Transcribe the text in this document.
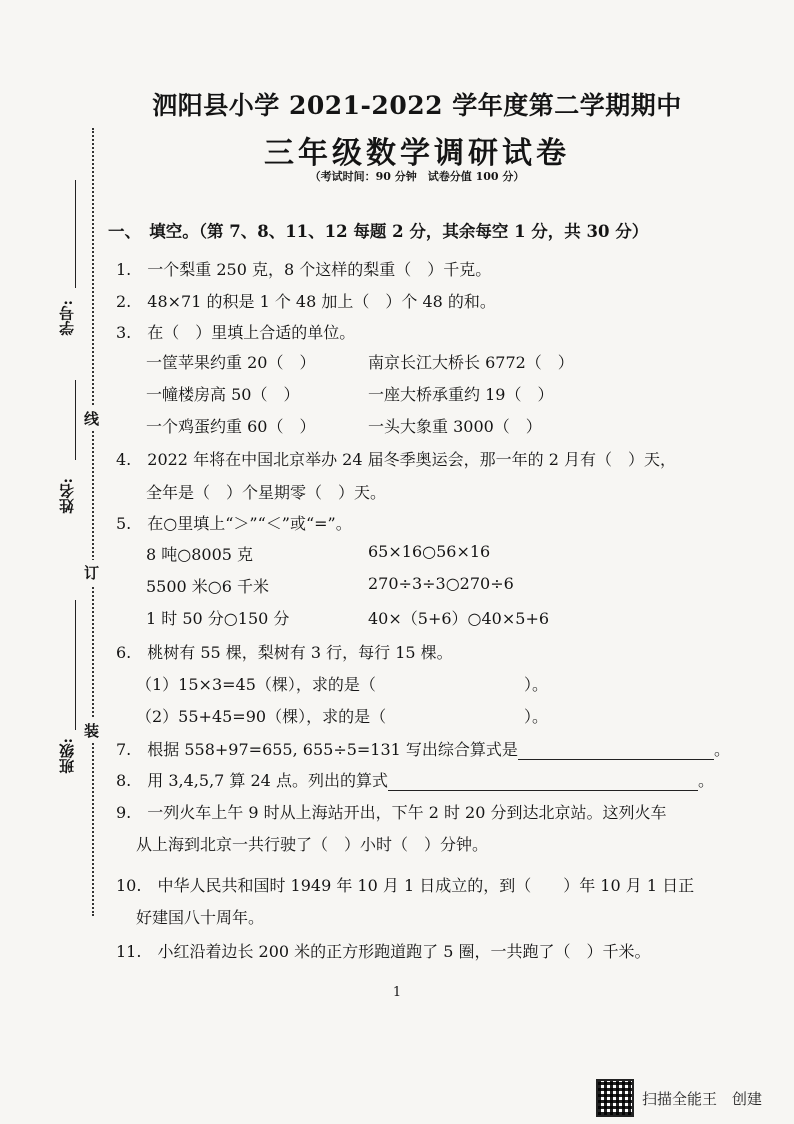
泗阳县小学 2021-2022 学年度第二学期期中
三年级数学调研试卷
（考试时间：90 分钟　试卷分值 100 分）
学号:
姓名:
班级:
线
订
装
一、　填空。（第 7、8、11、12 每题 2 分，其余每空 1 分，共 30 分）
1.　一个梨重 250 克，8 个这样的梨重（　）千克。
2.　48×71 的积是 1 个 48 加上（　）个 48 的和。
3.　在（　）里填上合适的单位。
一筐苹果约重 20（　）	南京长江大桥长 6772（　）
一幢楼房高 50（　）	一座大桥承重约 19（　）
一个鸡蛋约重 60（　）	一头大象重 3000（　）
4.　2022 年将在中国北京举办 24 届冬季奥运会，那一年的 2 月有（　）天，
全年是（　）个星期零（　）天。
5.　在○里填上“＞”“＜”或“=”。
8 吨○8005 克	65×16○56×16
5500 米○6 千米	270÷3÷3○270÷6
1 时 50 分○150 分	40×（5+6）○40×5+6
6.　桃树有 55 棵，梨树有 3 行，每行 15 棵。
（1）15×3=45（棵），求的是（	）。
（2）55+45=90（棵），求的是（	）。
7.　根据 558+97=655, 655÷5=131 写出综合算式是	。
8.　用 3,4,5,7 算 24 点。列出的算式	。
9.　一列火车上午 9 时从上海站开出，下午 2 时 20 分到达北京站。这列火车
从上海到北京一共行驶了（　）小时（　）分钟。
10.　中华人民共和国时 1949 年 10 月 1 日成立的，到（　　）年 10 月 1 日正
好建国八十周年。
11.　小红沿着边长 200 米的正方形跑道跑了 5 圈，一共跑了（　）千米。
1
扫描全能王　创建
